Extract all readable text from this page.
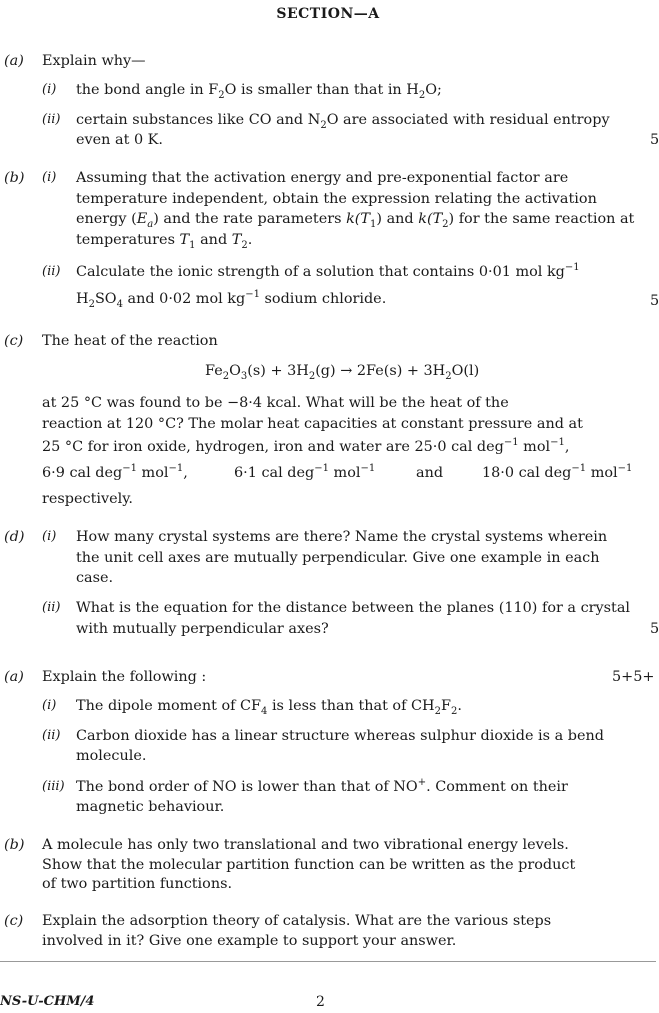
SECTION—A
(a) Explain why—
(i) the bond angle in $F_2O$ is smaller than that in $H_2O$;
(ii) certain substances like CO and $N_2O$ are associated with residual entropy
even at 0 K.	5
(b) (i) Assuming that the activation energy and pre-exponential factor are
temperature independent, obtain the expression relating the activation
energy $(E_a)$ and the rate parameters $k(T_1)$ and $k(T_2)$ for the same reaction at
temperatures $T_1$ and $T_2$.
(ii) Calculate the ionic strength of a solution that contains 0·01 mol $kg^{-1}$
$H_2SO_4$ and 0·02 mol $kg^{-1}$ sodium chloride.	5
(c) The heat of the reaction
$Fe_2O_3(s) + 3H_2(g) \to 2Fe(s) + 3H_2O(l)$
at 25 °C was found to be −8·4 kcal. What will be the heat of the
reaction at 120 °C? The molar heat capacities at constant pressure and at
25 °C for iron oxide, hydrogen, iron and water are 25·0 cal deg$^{-1}$ mol$^{-1}$,
6·9 cal deg$^{-1}$ mol$^{-1}$,	6·1 cal deg$^{-1}$ mol$^{-1}$	and	18·0 cal deg$^{-1}$ mol$^{-1}$
respectively.
(d) (i) How many crystal systems are there? Name the crystal systems wherein
the unit cell axes are mutually perpendicular. Give one example in each
case.
(ii) What is the equation for the distance between the planes (110) for a crystal
with mutually perpendicular axes?	5
(a) Explain the following :	5+5+
(i) The dipole moment of $CF_4$ is less than that of $CH_2F_2$.
(ii) Carbon dioxide has a linear structure whereas sulphur dioxide is a bend
molecule.
(iii) The bond order of NO is lower than that of NO+. Comment on their
magnetic behaviour.
(b) A molecule has only two translational and two vibrational energy levels.
Show that the molecular partition function can be written as the product
of two partition functions.
(c) Explain the adsorption theory of catalysis. What are the various steps
involved in it? Give one example to support your answer.
NS-U-CHM/4	2
